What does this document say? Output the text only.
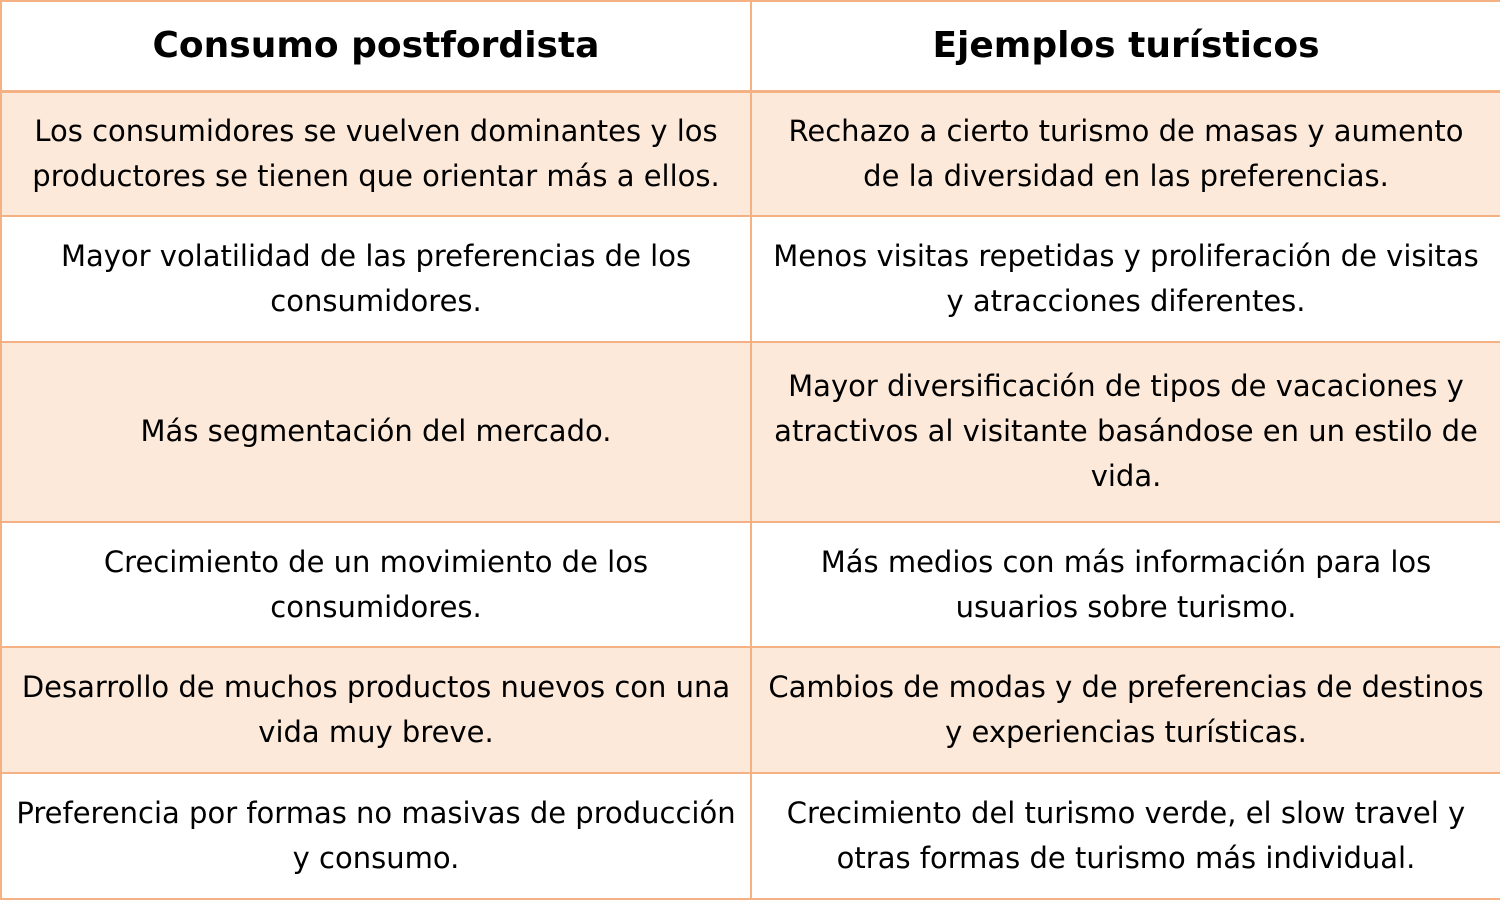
Consumo postfordista	Ejemplos turísticos
Los consumidores se vuelven dominantes y los productores se tienen que orientar más a ellos.	Rechazo a cierto turismo de masas y aumento de la diversidad en las preferencias.
Mayor volatilidad de las preferencias de los consumidores.	Menos visitas repetidas y proliferación de visitas y atracciones diferentes.
Más segmentación del mercado.	Mayor diversificación de tipos de vacaciones y atractivos al visitante basándose en un estilo de vida.
Crecimiento de un movimiento de los consumidores.	Más medios con más información para los usuarios sobre turismo.
Desarrollo de muchos productos nuevos con una vida muy breve.	Cambios de modas y de preferencias de destinos y experiencias turísticas.
Preferencia por formas no masivas de producción y consumo.	Crecimiento del turismo verde, el slow travel y otras formas de turismo más individual.
